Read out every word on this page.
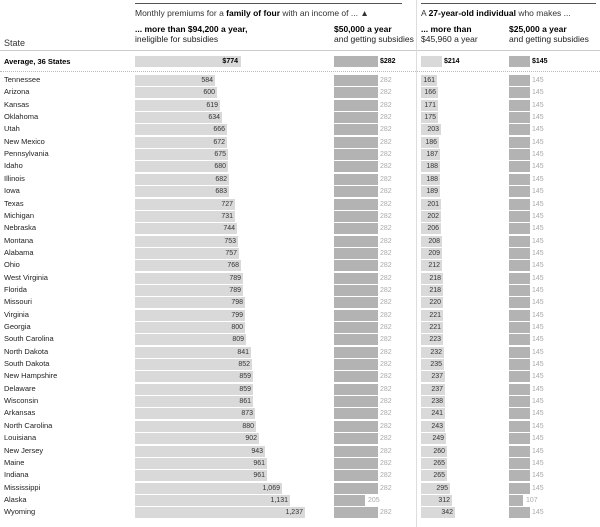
State
Monthly premiums for a family of four with an income of ... ▲	A 27-year-old individual who makes ...
... more than $94,200 a year,
ineligible for subsidies
$50,000 a year
and getting subsidies
... more than
$45,960 a year
$25,000 a year
and getting subsidies
Average, 36 States	$774	$282	$214	$145
Tennessee	584	282	161	145
Arizona	600	282	166	145
Kansas	619	282	171	145
Oklahoma	634	282	175	145
Utah	666	282	203	145
New Mexico	672	282	186	145
Pennsylvania	675	282	187	145
Idaho	680	282	188	145
Illinois	682	282	188	145
Iowa	683	282	189	145
Texas	727	282	201	145
Michigan	731	282	202	145
Nebraska	744	282	206	145
Montana	753	282	208	145
Alabama	757	282	209	145
Ohio	768	282	212	145
West Virginia	789	282	218	145
Florida	789	282	218	145
Missouri	798	282	220	145
Virginia	799	282	221	145
Georgia	800	282	221	145
South Carolina	809	282	223	145
North Dakota	841	282	232	145
South Dakota	852	282	235	145
New Hampshire	859	282	237	145
Delaware	859	282	237	145
Wisconsin	861	282	238	145
Arkansas	873	282	241	145
North Carolina	880	282	243	145
Louisiana	902	282	249	145
New Jersey	943	282	260	145
Maine	961	282	265	145
Indiana	961	282	265	145
Mississippi	1,069	282	295	145
Alaska	1,131	205	312	107
Wyoming	1,237	282	342	145
